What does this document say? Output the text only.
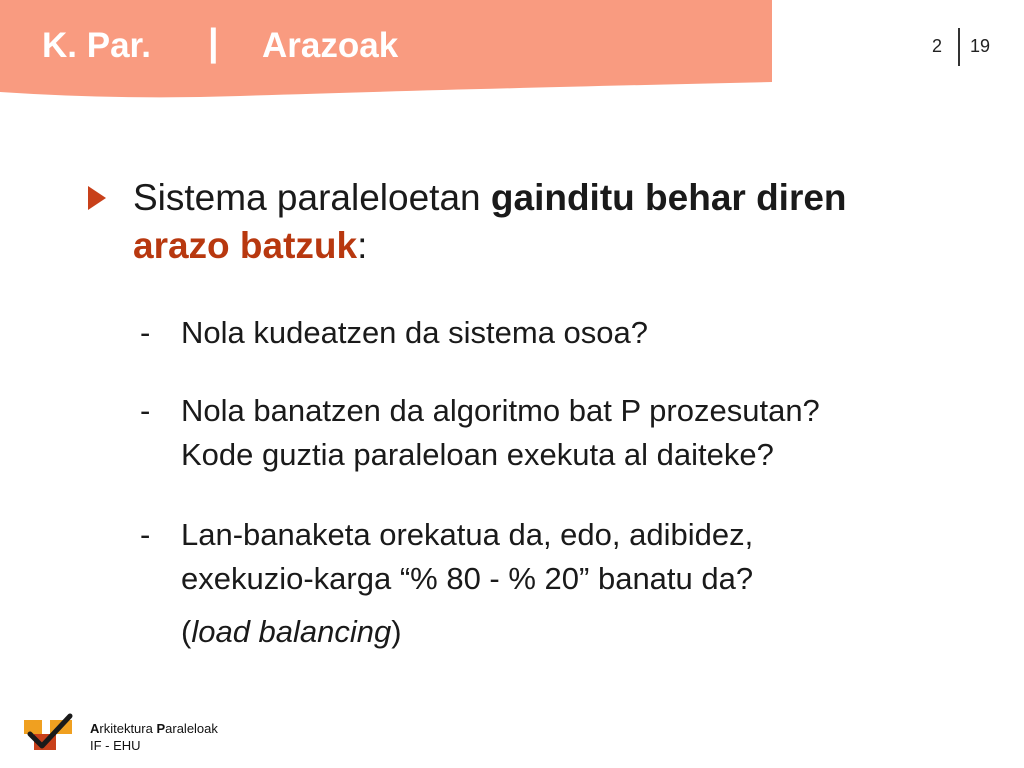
K. Par. | Arazoak	2 19
Sistema paraleloetan gainditu behar diren
arazo batzuk:
- Nola kudeatzen da sistema osoa?
- Nola banatzen da algoritmo bat P prozesutan?
Kode guztia paraleloan exekuta al daiteke?
- Lan-banaketa orekatua da, edo, adibidez,
exekuzio-karga “% 80 - % 20” banatu da?
(load balancing)
Arkitektura Paraleloak
IF - EHU
